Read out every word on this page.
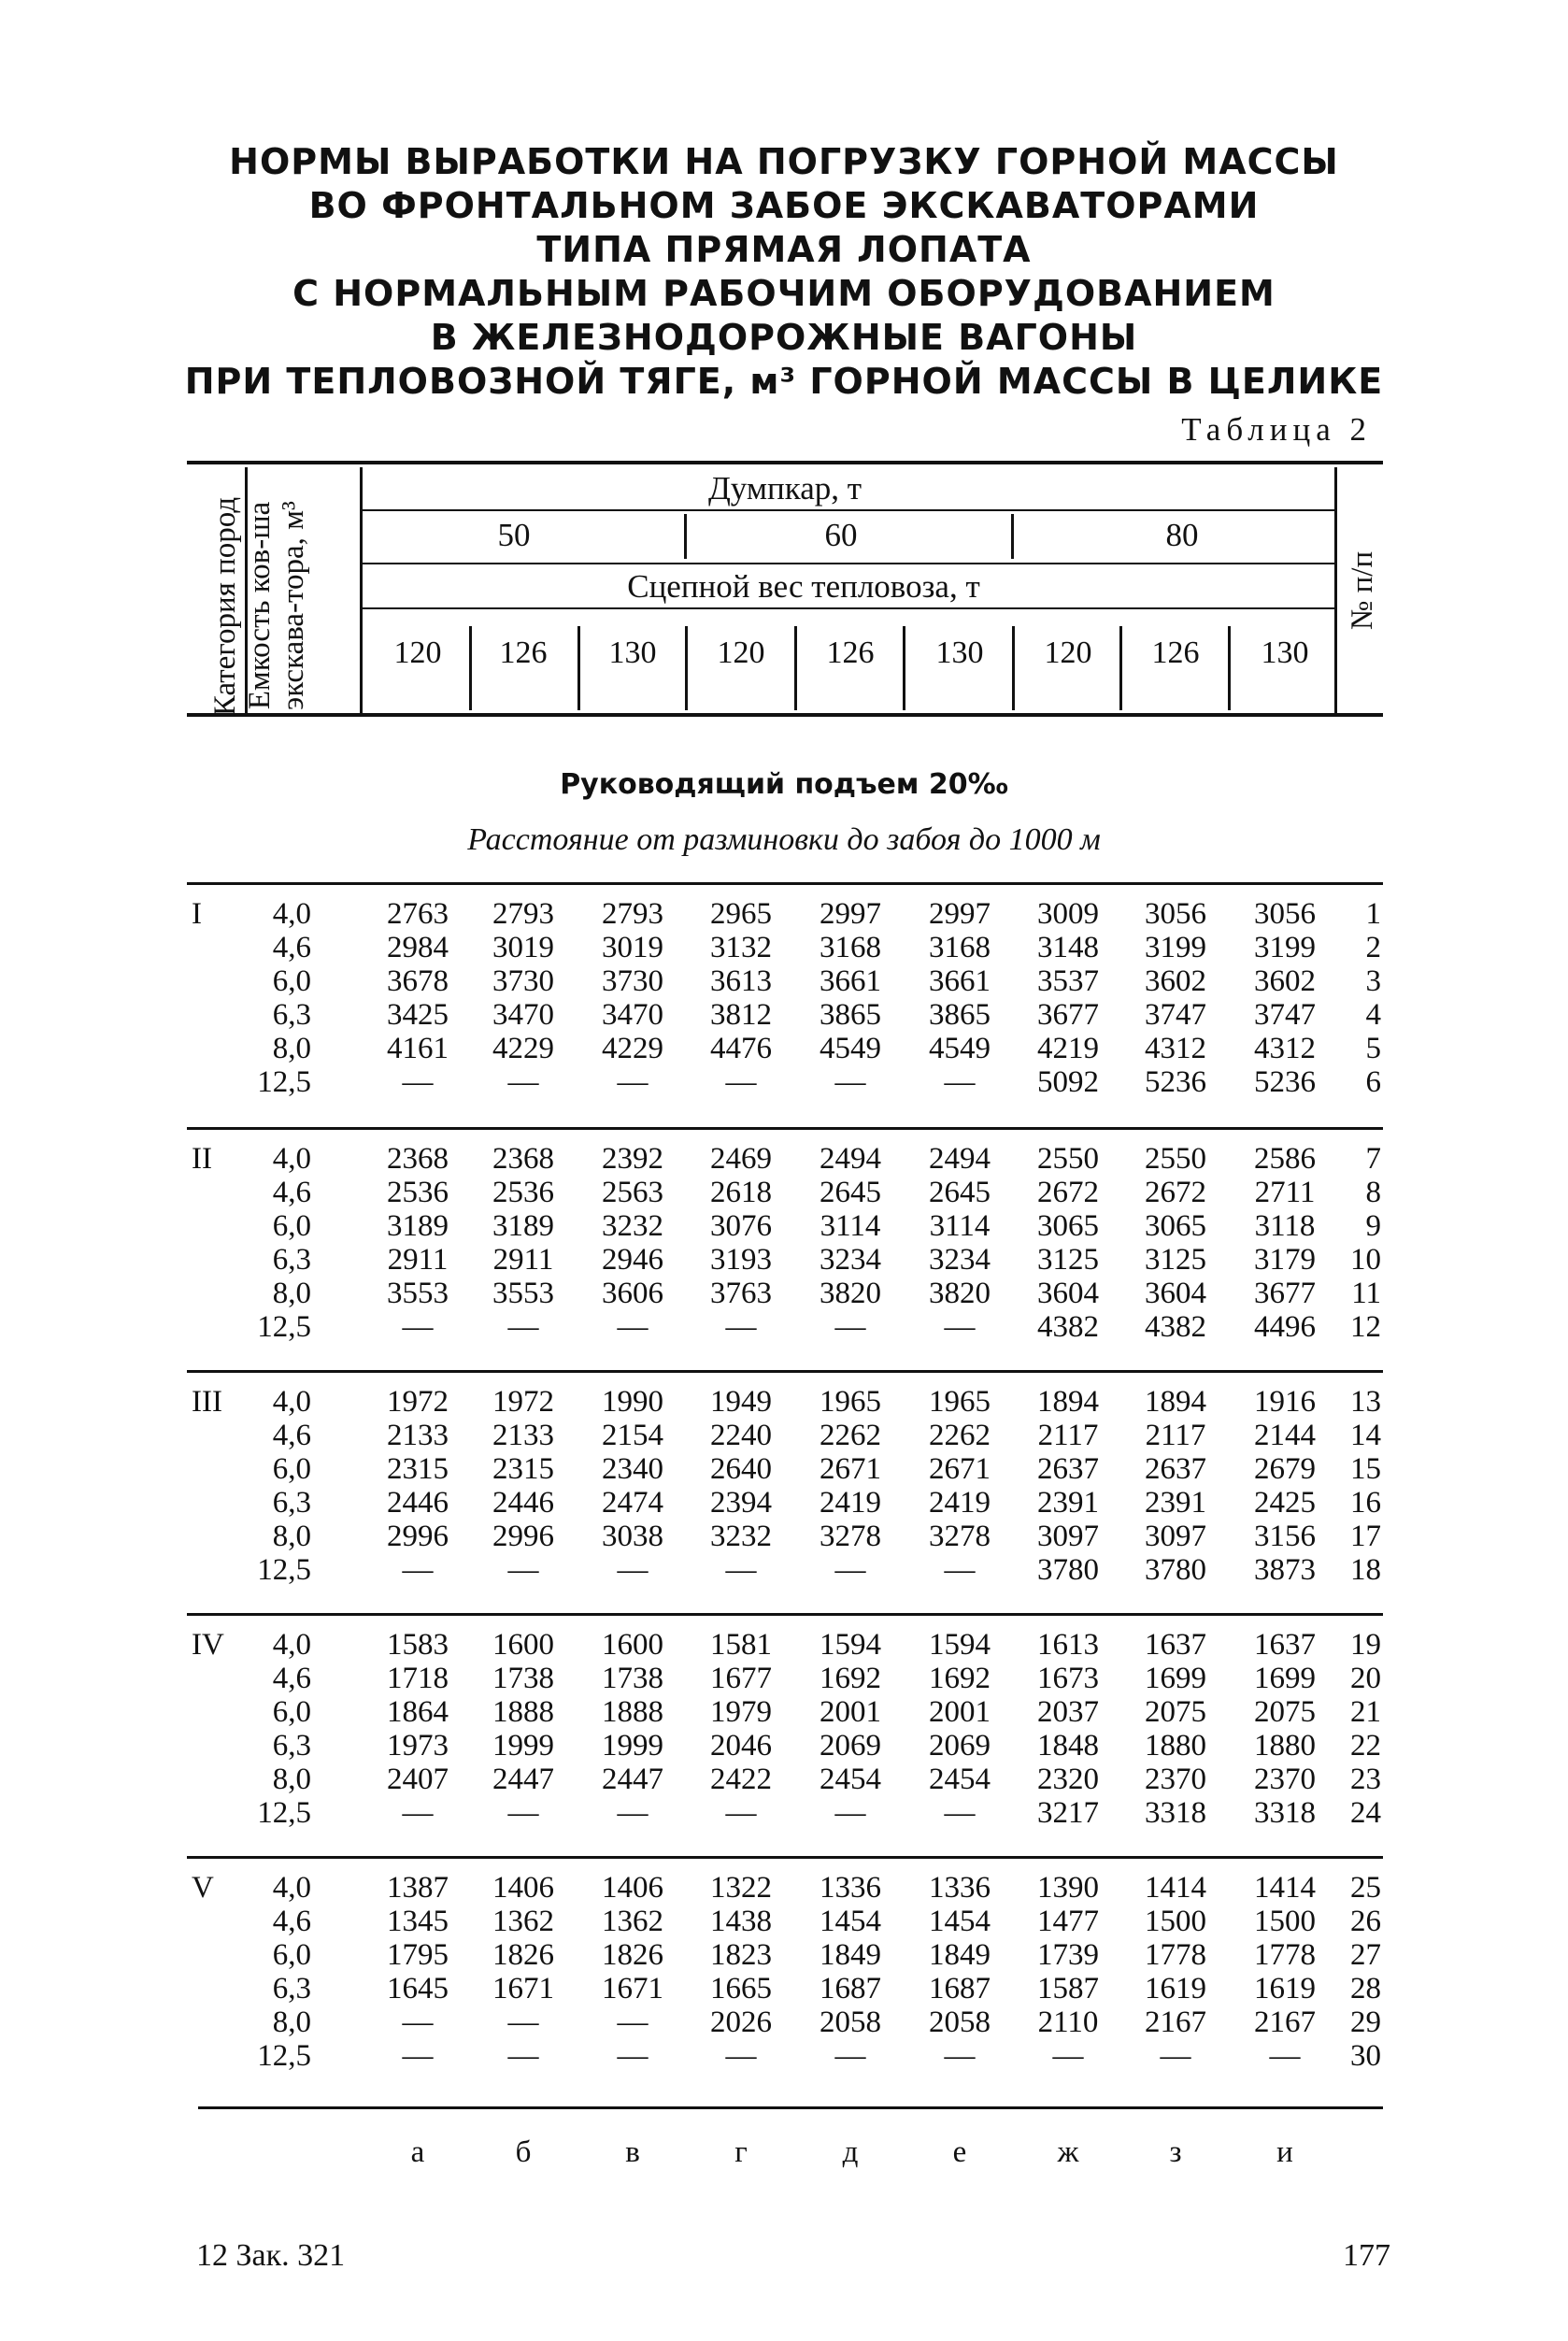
НОРМЫ ВЫРАБОТКИ НА ПОГРУЗКУ ГОРНОЙ МАССЫ
ВО ФРОНТАЛЬНОМ ЗАБОЕ ЭКСКАВАТОРАМИ
ТИПА ПРЯМАЯ ЛОПАТА
С НОРМАЛЬНЫМ РАБОЧИМ ОБОРУДОВАНИЕМ
В ЖЕЛЕЗНОДОРОЖНЫЕ ВАГОНЫ
ПРИ ТЕПЛОВОЗНОЙ ТЯГЕ, м³ ГОРНОЙ МАССЫ В ЦЕЛИКЕ
Таблица 2
Категория пород Емкость ков-ша экскава-тора, м³	№ п/п
Думпкар, т
50	60	80
Сцепной вес тепловоза, т
120	126	130	120	126	130	120	126	130
Руководящий подъем 20‰
Расстояние от разминовки до забоя до 1000 м
I	4,0	2763	2793	2793	2965	2997	2997	3009	3056	3056	1
4,6	2984	3019	3019	3132	3168	3168	3148	3199	3199	2
6,0	3678	3730	3730	3613	3661	3661	3537	3602	3602	3
6,3	3425	3470	3470	3812	3865	3865	3677	3747	3747	4
8,0	4161	4229	4229	4476	4549	4549	4219	4312	4312	5
12,5	—	—	—	—	—	—	5092	5236	5236	6
II	4,0	2368	2368	2392	2469	2494	2494	2550	2550	2586	7
4,6	2536	2536	2563	2618	2645	2645	2672	2672	2711	8
6,0	3189	3189	3232	3076	3114	3114	3065	3065	3118	9
6,3	2911	2911	2946	3193	3234	3234	3125	3125	3179	10
8,0	3553	3553	3606	3763	3820	3820	3604	3604	3677	11
12,5	—	—	—	—	—	—	4382	4382	4496	12
III	4,0	1972	1972	1990	1949	1965	1965	1894	1894	1916	13
4,6	2133	2133	2154	2240	2262	2262	2117	2117	2144	14
6,0	2315	2315	2340	2640	2671	2671	2637	2637	2679	15
6,3	2446	2446	2474	2394	2419	2419	2391	2391	2425	16
8,0	2996	2996	3038	3232	3278	3278	3097	3097	3156	17
12,5	—	—	—	—	—	—	3780	3780	3873	18
IV	4,0	1583	1600	1600	1581	1594	1594	1613	1637	1637	19
4,6	1718	1738	1738	1677	1692	1692	1673	1699	1699	20
6,0	1864	1888	1888	1979	2001	2001	2037	2075	2075	21
6,3	1973	1999	1999	2046	2069	2069	1848	1880	1880	22
8,0	2407	2447	2447	2422	2454	2454	2320	2370	2370	23
12,5	—	—	—	—	—	—	3217	3318	3318	24
V	4,0	1387	1406	1406	1322	1336	1336	1390	1414	1414	25
4,6	1345	1362	1362	1438	1454	1454	1477	1500	1500	26
6,0	1795	1826	1826	1823	1849	1849	1739	1778	1778	27
6,3	1645	1671	1671	1665	1687	1687	1587	1619	1619	28
8,0	—	—	—	2026	2058	2058	2110	2167	2167	29
12,5	—	—	—	—	—	—	—	—	—	30
а	б	в	г	д	е	ж	з	и
12 Зак. 321	177
